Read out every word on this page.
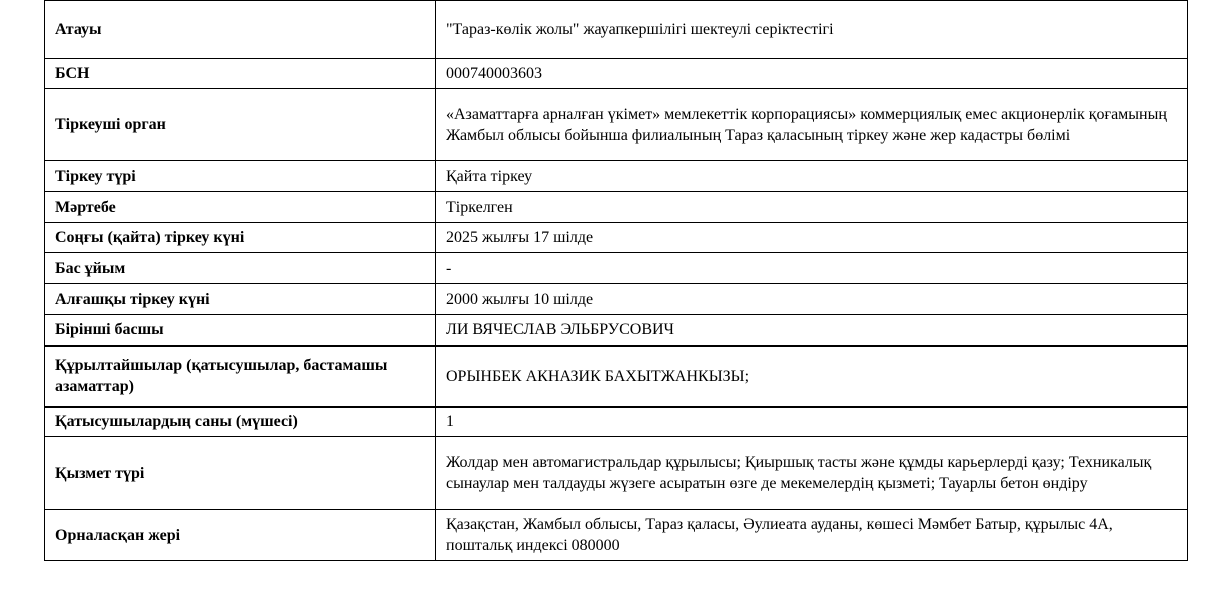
Атауы	"Тараз-көлік жолы" жауапкершілігі шектеулі серіктестігі
БСН	000740003603
Тіркеуші орган	«Азаматтарға арналған үкімет» мемлекеттік корпорациясы» коммерциялық емес акционерлік қоғамының Жамбыл облысы бойынша филиалының Тараз қаласының тіркеу және жер кадастры бөлімі
Тіркеу түрі	Қайта тіркеу
Мәртебе	Тіркелген
Соңғы (қайта) тіркеу күні	2025 жылғы 17 шілде
Бас ұйым	-
Алғашқы тіркеу күні	2000 жылғы 10 шілде
Бірінші басшы	ЛИ ВЯЧЕСЛАВ ЭЛЬБРУСОВИЧ
Құрылтайшылар (қатысушылар, бастамашы азаматтар)	ОРЫНБЕК АКНАЗИК БАХЫТЖАНКЫЗЫ;
Қатысушылардың саны (мүшесі)	1
Қызмет түрі	Жолдар мен автомагистральдар құрылысы; Қиыршық тасты және құмды карьерлерді қазу; Техникалық сынаулар мен талдауды жүзеге асыратын өзге де мекемелердің қызметі; Тауарлы бетон өндіру
Орналасқан жері	Қазақстан, Жамбыл облысы, Тараз қаласы, Әулиеата ауданы, көшесі Мәмбет Батыр, құрылыс 4А, поштальқ индексі 080000
